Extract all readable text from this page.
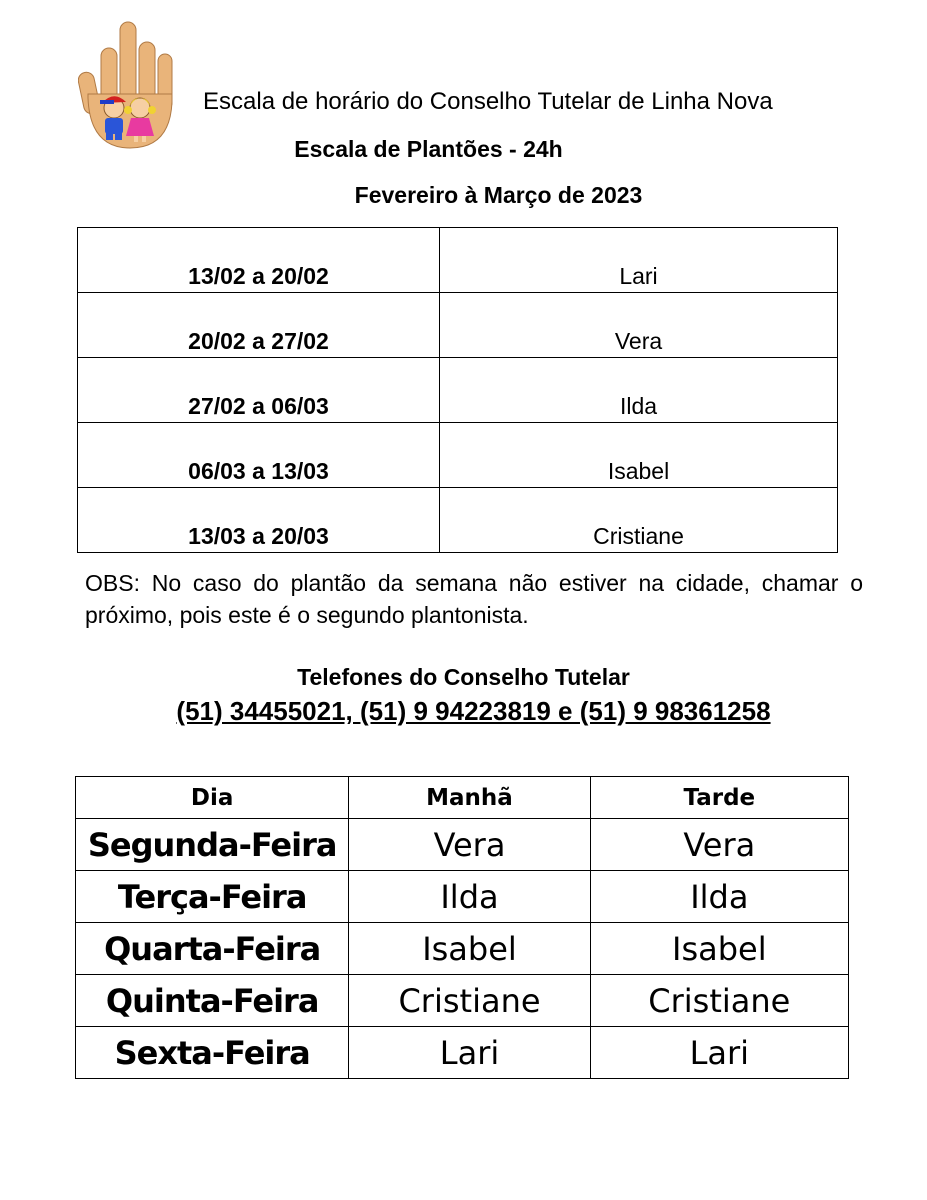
Escala de horário do Conselho Tutelar de Linha Nova
Escala de Plantões - 24h
Fevereiro à Março de 2023
13/02 a 20/02	Lari
20/02 a 27/02	Vera
27/02 a 06/03	Ilda
06/03 a 13/03	Isabel
13/03 a 20/03	Cristiane
OBS: No caso do plantão da semana não estiver na cidade, chamar o próximo, pois este é o segundo plantonista.
Telefones do Conselho Tutelar
(51) 34455021, (51) 9 94223819 e (51) 9 98361258
Dia	Manhã	Tarde
Segunda-Feira	Vera	Vera
Terça-Feira	Ilda	Ilda
Quarta-Feira	Isabel	Isabel
Quinta-Feira	Cristiane	Cristiane
Sexta-Feira	Lari	Lari
